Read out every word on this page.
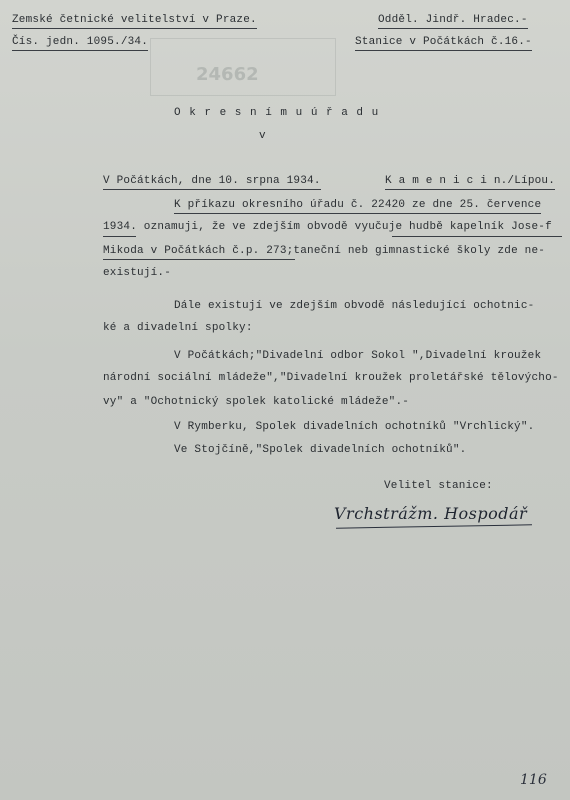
24662
Zemské četnické velitelství v Praze.
Čís. jedn. 1095./34.
Odděl. Jindř. Hradec.-
Stanice v Počátkách č.16.-
O k r e s n í m u ú ř a d u
v
V Počátkách, dne 10. srpna 1934.	K a m e n i c i n./Lípou.
K příkazu okresního úřadu č. 22420 ze dne 25. července
1934. oznamuji, že ve zdejším obvodě vyučuje hudbě kapelník Jose-f
Mikoda v Počátkách č.p. 273;taneční neb gimnastické školy zde ne-
existují.-
Dále existují ve zdejším obvodě následující ochotnic-
ké a divadelní spolky:
V Počátkách;"Divadelní odbor Sokol ",Divadelní kroužek
národní sociální mládeže","Divadelní kroužek proletářské tělovýcho-
vy" a "Ochotnický spolek katolické mládeže".-
V Rymberku, Spolek divadelních ochotníků "Vrchlický".
Ve Stojčíně,"Spolek divadelních ochotníků".
Velitel stanice:
Vrchstrážm. Hospodář
116
